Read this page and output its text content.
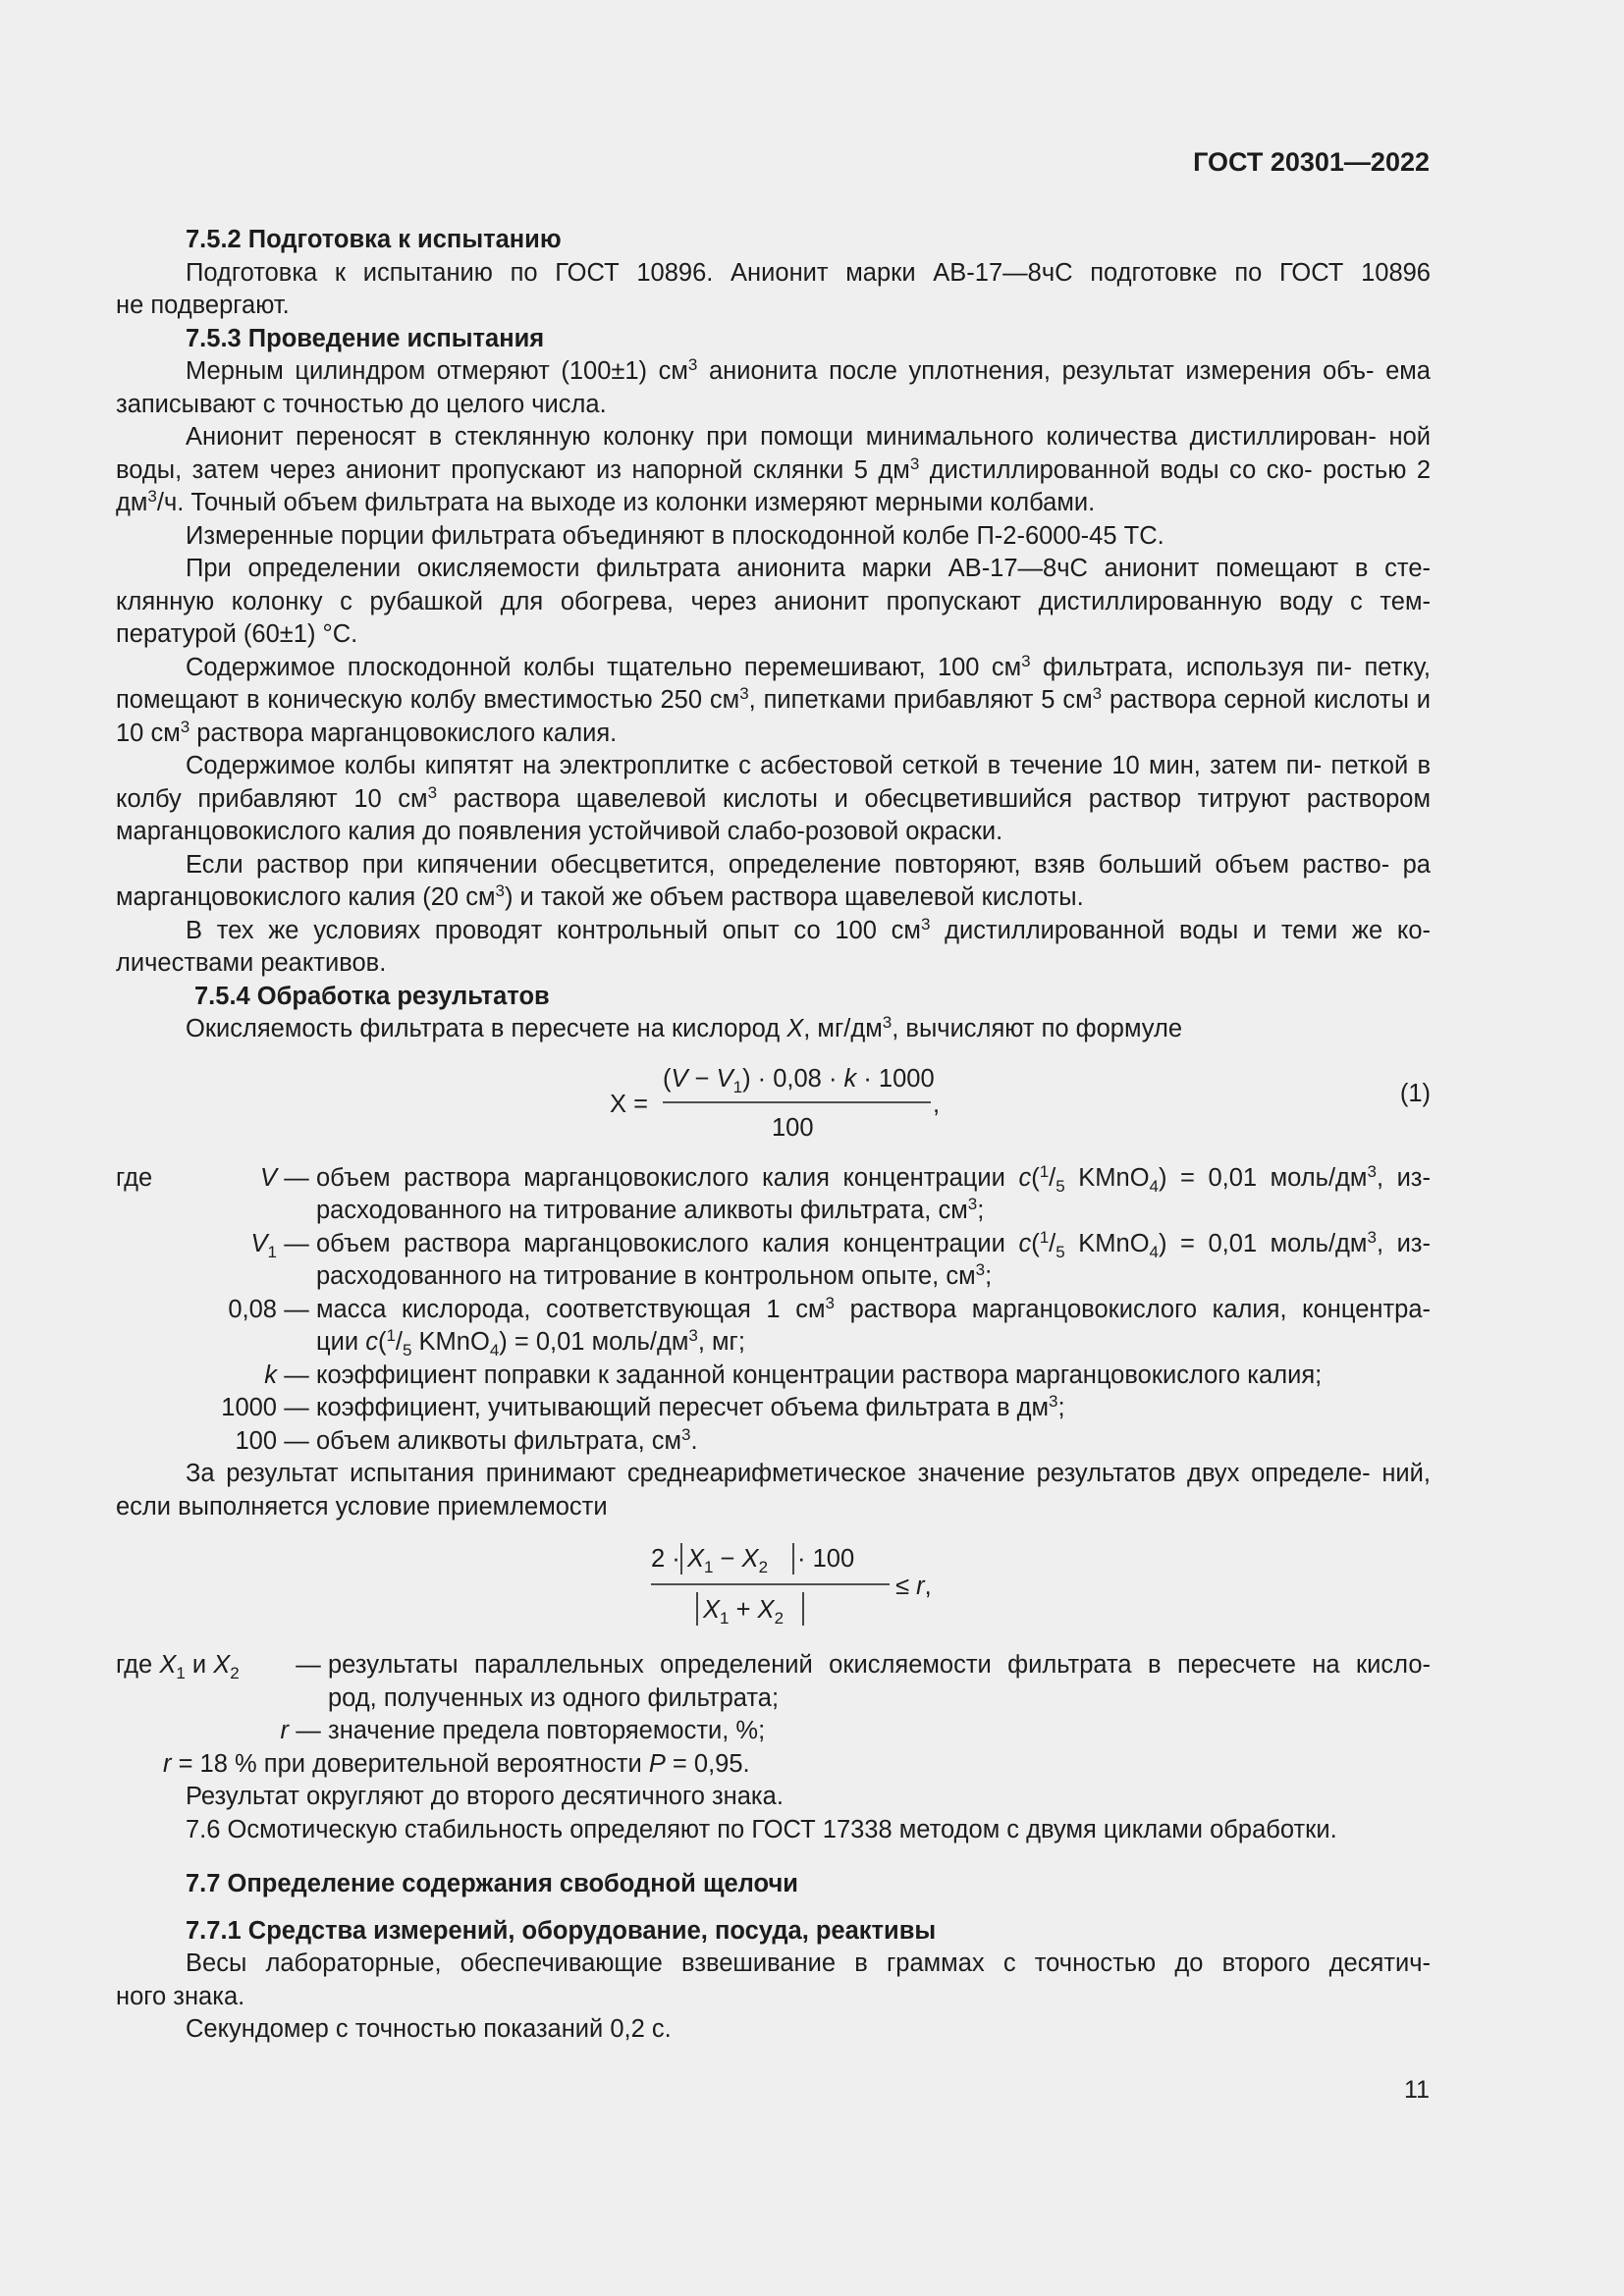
ГОСТ 20301—2022

7.5.2 Подготовка к испытанию

Подготовка к испытанию по ГОСТ 10896. Анионит марки АВ-17—8чС подготовке по ГОСТ 10896

не подвергают.

7.5.3 Проведение испытания

Мерным цилиндром отмеряют (100±1) $см^3$ анионита после уплотнения, результат измерения объ- ема записывают с точностью до целого числа.

Анионит переносят в стеклянную колонку при помощи минимального количества дистиллирован- ной воды, затем через анионит пропускают из напорной склянки 5 $дм^3$ дистиллированной воды со ско- ростью 2 $дм^3/ч$. Точный объем фильтрата на выходе из колонки измеряют мерными колбами.

Измеренные порции фильтрата объединяют в плоскодонной колбе П-2-6000-45 ТС.

При определении окисляемости фильтрата анионита марки АВ-17—8чС анионит помещают в сте- клянную колонку с рубашкой для обогрева, через анионит пропускают дистиллированную воду с тем- пературой (60±1) °С.

Содержимое плоскодонной колбы тщательно перемешивают, 100 $см^3$ фильтрата, используя пи- петку, помещают в коническую колбу вместимостью 250 $см^3$, пипетками прибавляют 5 $см^3$ раствора серной кислоты и 10 $см^3$ раствора марганцовокислого калия.

Содержимое колбы кипятят на электроплитке с асбестовой сеткой в течение 10 мин, затем пи- петкой в колбу прибавляют 10 $см^3$ раствора щавелевой кислоты и обесцветившийся раствор титруют раствором марганцовокислого калия до появления устойчивой слабо-розовой окраски.

Если раствор при кипячении обесцветится, определение повторяют, взяв больший объем раство- ра марганцовокислого калия (20 $см^3$) и такой же объем раствора щавелевой кислоты.

В тех же условиях проводят контрольный опыт со 100 $см^3$ дистиллированной воды и теми же ко- личествами реактивов.

7.5.4 Обработка результатов

Окисляемость фильтрата в пересчете на кислород X, $мг/дм^3$, вычисляют по формуле

X =
$(V - V_1) \cdot 0,08 \cdot k \cdot 1000$
100
,	(1)
где	V — объем раствора марганцовокислого калия концентрации $c(^1/_5$ KMnO$_4$) = 0,01 моль/$дм^3$, из-
расходованного на титрование аликвоты фильтрата, $см^3$;
$V_1$ — объем раствора марганцовокислого калия концентрации $c(^1/_5$ KMnO$_4$) = 0,01 моль/$дм^3$, из-
расходованного на титрование в контрольном опыте, $см^3$;
0,08 — масса кислорода, соответствующая 1 $см^3$ раствора марганцовокислого калия, концентра-
ции $c(^1/_5$ KMnO$_4$) = 0,01 моль/$дм^3$, мг;
k — коэффициент поправки к заданной концентрации раствора марганцовокислого калия;
1000 — коэффициент, учитывающий пересчет объема фильтрата в $дм^3$;
100 — объем аликвоты фильтрата, $см^3$.

За результат испытания принимают среднеарифметическое значение результатов двух определе- ний, если выполняется условие приемлемости

$2 \cdot X_1 - X_2 \cdot 100$
$X_1 + X_2$
≤ r,
где $X_1$ и $X_2$	— результаты параллельных определений окисляемости фильтрата в пересчете на кисло-
род, полученных из одного фильтрата;
r — значение предела повторяемости, %;

r = 18 % при доверительной вероятности P = 0,95.

Результат округляют до второго десятичного знака.

7.6 Осмотическую стабильность определяют по ГОСТ 17338 методом с двумя циклами обработки.

7.7 Определение содержания свободной щелочи

7.7.1 Средства измерений, оборудование, посуда, реактивы

Весы лабораторные, обеспечивающие взвешивание в граммах с точностью до второго десятич-

ного знака.

Секундомер с точностью показаний 0,2 с.

11
